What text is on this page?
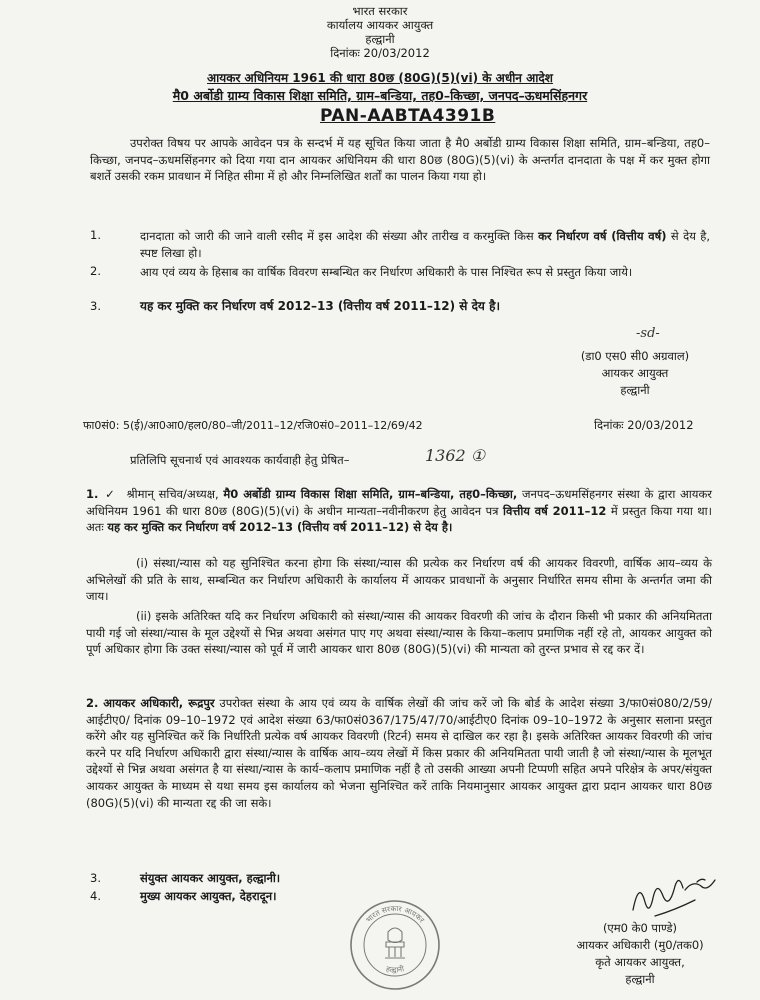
भारत सरकार
कार्यालय आयकर आयुक्त
हल्द्वानी
दिनांकः 20/03/2012
आयकर अधिनियम 1961 की धारा 80छ (80G)(5)(vi) के अधीन आदेश
मै0 अर्बोडी ग्राम्य विकास शिक्षा समिति, ग्राम–बन्डिया, तह0–किच्छा, जनपद–ऊधमसिंहनगर
PAN-AABTA4391B
उपरोक्त विषय पर आपके आवेदन पत्र के सन्दर्भ में यह सूचित किया जाता है मै0 अर्बोडी ग्राम्य विकास शिक्षा समिति, ग्राम–बन्डिया, तह0–किच्छा, जनपद–ऊधमसिंहनगर को दिया गया दान आयकर अधिनियम की धारा 80छ (80G)(5)(vi) के अन्तर्गत दानदाता के पक्ष में कर मुक्त होगा बशर्ते उसकी रकम प्रावधान में निहित सीमा में हो और निम्नलिखित शर्तों का पालन किया गया हो।
1.	दानदाता को जारी की जाने वाली रसीद में इस आदेश की संख्या और तारीख व करमुक्ति किस कर निर्धारण वर्ष (वित्तीय वर्ष) से देय है, स्पष्ट लिखा हो।
2.	आय एवं व्यय के हिसाब का वार्षिक विवरण सम्बन्धित कर निर्धारण अधिकारी के पास निश्चित रूप से प्रस्तुत किया जाये।
3.	यह कर मुक्ति कर निर्धारण वर्ष 2012–13 (वित्तीय वर्ष 2011–12) से देय है।
-sd-
(डा0 एस0 सी0 अग्रवाल)
आयकर आयुक्त
हल्द्वानी
फा0सं0: 5(ई)/आ0आ0/हल0/80–जी/2011–12/रजि0सं0–2011–12/69/42	दिनांकः 20/03/2012
प्रतिलिपि सूचनार्थ एवं आवश्यक कार्यवाही हेतु प्रेषित–	1362 ①
1. ✓ श्रीमान् सचिव/अध्यक्ष, मै0 अर्बोडी ग्राम्य विकास शिक्षा समिति, ग्राम–बन्डिया, तह0–किच्छा, जनपद–ऊधमसिंहनगर संस्था के द्वारा आयकर अधिनियम 1961 की धारा 80छ (80G)(5)(vi) के अधीन मान्यता–नवीनीकरण हेतु आवेदन पत्र वित्तीय वर्ष 2011–12 में प्रस्तुत किया गया था। अतः यह कर मुक्ति कर निर्धारण वर्ष 2012–13 (वित्तीय वर्ष 2011–12) से देय है।
(i) संस्था/न्यास को यह सुनिश्चित करना होगा कि संस्था/न्यास की प्रत्येक कर निर्धारण वर्ष की आयकर विवरणी, वार्षिक आय–व्यय के अभिलेखों की प्रति के साथ, सम्बन्धित कर निर्धारण अधिकारी के कार्यालय में आयकर प्रावधानों के अनुसार निर्धारित समय सीमा के अन्तर्गत जमा की जाय।
(ii) इसके अतिरिक्त यदि कर निर्धारण अधिकारी को संस्था/न्यास की आयकर विवरणी की जांच के दौरान किसी भी प्रकार की अनियमितता पायी गई जो संस्था/न्यास के मूल उद्देश्यों से भिन्न अथवा असंगत पाए गए अथवा संस्था/न्यास के किया–कलाप प्रमाणिक नहीं रहे तो, आयकर आयुक्त को पूर्ण अधिकार होगा कि उक्त संस्था/न्यास को पूर्व में जारी आयकर धारा 80छ (80G)(5)(vi) की मान्यता को तुरन्त प्रभाव से रद्द कर दें।
2. आयकर अधिकारी, रूद्रपुर उपरोक्त संस्था के आय एवं व्यय के वार्षिक लेखों की जांच करें जो कि बोर्ड के आदेश संख्या 3/फा0सं080/2/59/आईटीए0/ दिनांक 09–10–1972 एवं आदेश संख्या 63/फा0सं0367/175/47/70/आईटीए0 दिनांक 09–10–1972 के अनुसार सलाना प्रस्तुत करेंगे और यह सुनिश्चित करें कि निर्धारिती प्रत्येक वर्ष आयकर विवरणी (रिटर्न) समय से दाखिल कर रहा है। इसके अतिरिक्त आयकर विवरणी की जांच करने पर यदि निर्धारण अधिकारी द्वारा संस्था/न्यास के वार्षिक आय–व्यय लेखों में किस प्रकार की अनियमितता पायी जाती है जो संस्था/न्यास के मूलभूत उद्देश्यों से भिन्न अथवा असंगत है या संस्था/न्यास के कार्य–कलाप प्रमाणिक नहीं है तो उसकी आख्या अपनी टिप्पणी सहित अपने परिक्षेत्र के अपर/संयुक्त आयकर आयुक्त के माध्यम से यथा समय इस कार्यालय को भेजना सुनिश्चित करें ताकि नियमानुसार आयकर आयुक्त द्वारा प्रदान आयकर धारा 80छ (80G)(5)(vi) की मान्यता रद्द की जा सके।
3.	संयुक्त आयकर आयुक्त, हल्द्वानी।
4.	मुख्य आयकर आयुक्त, देहरादून।
भारत सरकार आयकर
हल्द्वानी
(एम0 के0 पाण्डे)
आयकर अधिकारी (मु0/तक0)
कृते आयकर आयुक्त,
हल्द्वानी
